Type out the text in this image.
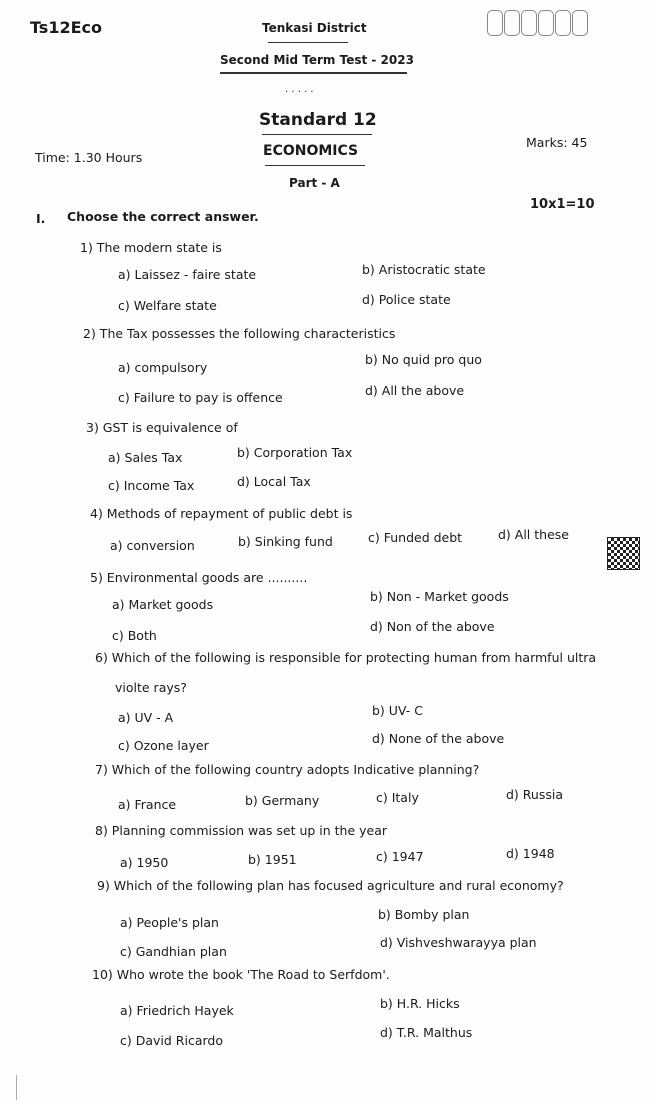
Ts12Eco	Tenkasi District
Second Mid Term Test - 2023
. . . . .
Standard 12
ECONOMICS
Time: 1.30 Hours
Marks: 45
Part - A
I. Choose the correct answer.
10x1=10
1) The modern state is
a) Laissez - faire state	b) Aristocratic state
c) Welfare state	d) Police state
2) The Tax possesses the following characteristics
a) compulsory
b) No quid pro quo
c) Failure to pay is offence	d) All the above
3) GST is equivalence of
a) Sales Tax	b) Corporation Tax
c) Income Tax	d) Local Tax
4) Methods of repayment of public debt is
a) conversion	b) Sinking fund	c) Funded debt	d) All these
5) Environmental goods are ..........
a) Market goods
b) Non - Market goods
c) Both
d) Non of the above
6) Which of the following is responsible for protecting human from harmful ultra
violte rays?
a) UV - A	b) UV- C
c) Ozone layer	d) None of the above
7) Which of the following country adopts Indicative planning?
a) France	b) Germany	c) Italy	d) Russia
8) Planning commission was set up in the year
a) 1950	b) 1951	c) 1947	d) 1948
9) Which of the following plan has focused agriculture and rural economy?
a) People's plan
b) Bomby plan
c) Gandhian plan
d) Vishveshwarayya plan
10) Who wrote the book 'The Road to Serfdom'.
a) Friedrich Hayek	b) H.R. Hicks
c) David Ricardo
d) T.R. Malthus
